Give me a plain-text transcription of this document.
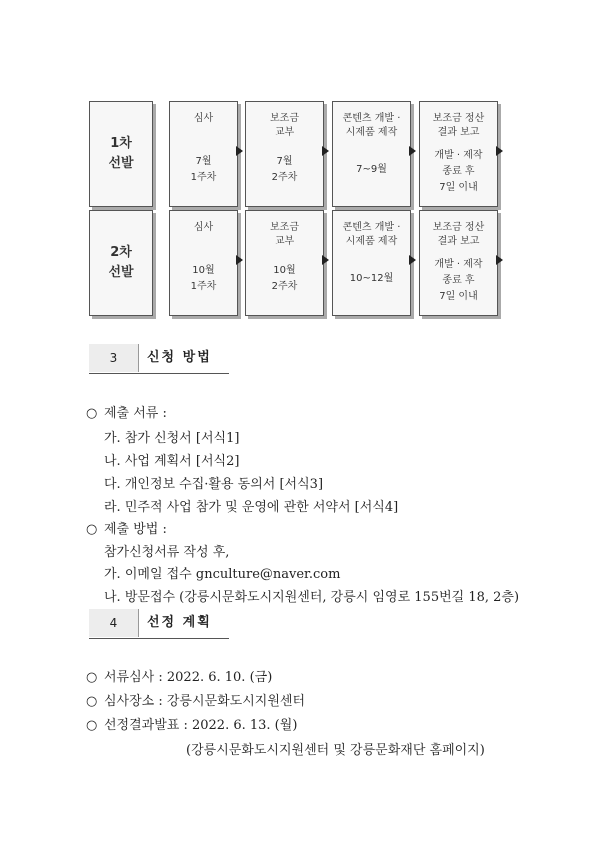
1차
선발
심사
7월
1주차
보조금
교부
7월
2주차
콘텐츠 개발 ·
시제품 제작
7~9월
보조금 정산
결과 보고
개발 · 제작
종료 후
7일 이내
2차
선발
심사
10월
1주차
보조금
교부
10월
2주차
콘텐츠 개발 ·
시제품 제작
10~12월
보조금 정산
결과 보고
개발 · 제작
종료 후
7일 이내
3	신청 방법
○ 제출 서류 :
가. 참가 신청서 [서식1]
나. 사업 계획서 [서식2]
다. 개인정보 수집·활용 동의서 [서식3]
라. 민주적 사업 참가 및 운영에 관한 서약서 [서식4]
○ 제출 방법 :
참가신청서류 작성 후,
가. 이메일 접수 gnculture@naver.com
나. 방문접수 (강릉시문화도시지원센터, 강릉시 임영로 155번길 18, 2층)
4	선정 계획
○ 서류심사 : 2022. 6. 10. (금)
○ 심사장소 : 강릉시문화도시지원센터
○ 선정결과발표 : 2022. 6. 13. (월)
(강릉시문화도시지원센터 및 강릉문화재단 홈페이지)
